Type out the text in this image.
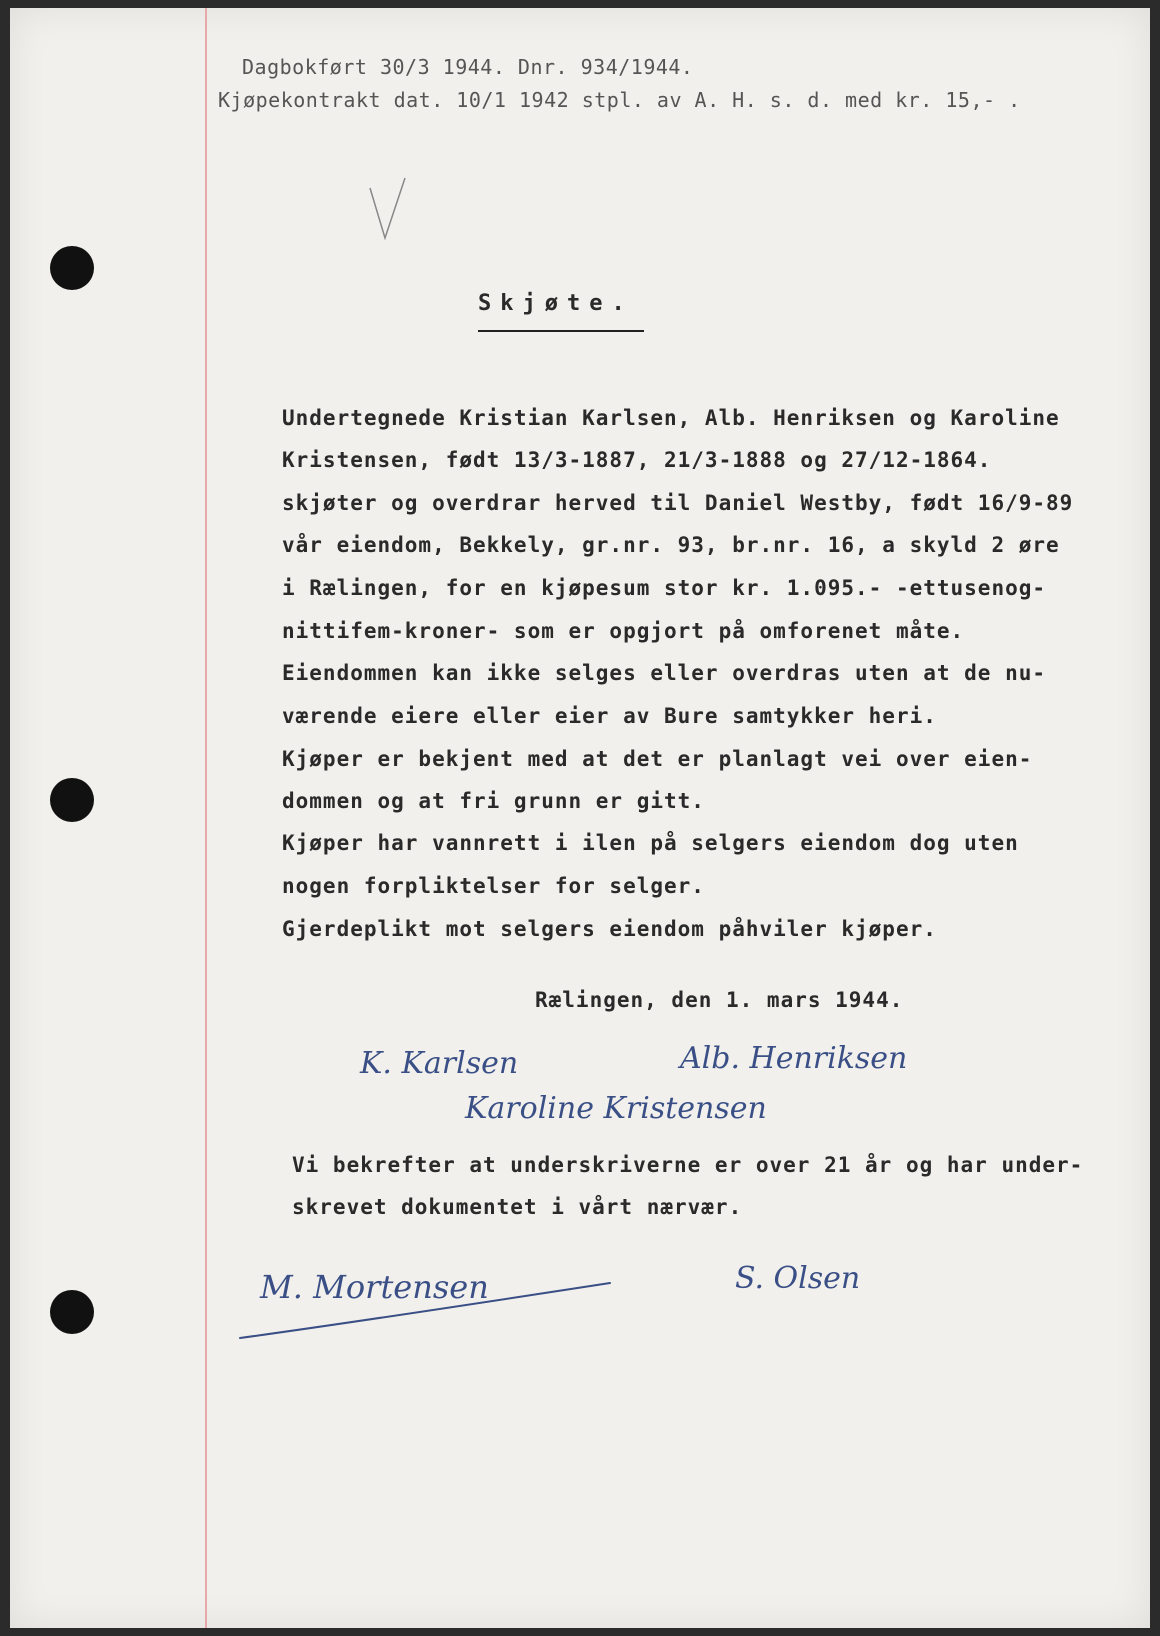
Dagbokført 30/3 1944. Dnr. 934/1944.
Kjøpekontrakt dat. 10/1 1942 stpl. av A. H. s. d. med kr. 15,- .
Skjøte.
Undertegnede Kristian Karlsen, Alb. Henriksen og Karoline
Kristensen, født 13/3-1887, 21/3-1888 og 27/12-1864.
skjøter og overdrar herved til Daniel Westby, født 16/9-89
vår eiendom, Bekkely, gr.nr. 93, br.nr. 16, a skyld 2 øre
i Rælingen, for en kjøpesum stor kr. 1.095.- -ettusenog-
nittifem-kroner- som er opgjort på omforenet måte.
Eiendommen kan ikke selges eller overdras uten at de nu-
værende eiere eller eier av Bure samtykker heri.
Kjøper er bekjent med at det er planlagt vei over eien-
dommen og at fri grunn er gitt.
Kjøper har vannrett i ilen på selgers eiendom dog uten
nogen forpliktelser for selger.
Gjerdeplikt mot selgers eiendom påhviler kjøper.
Rælingen, den 1. mars 1944.
K. Karlsen	Alb. Henriksen
Karoline Kristensen
Vi bekrefter at underskriverne er over 21 år og har under-
skrevet dokumentet i vårt nærvær.
M. Mortensen	S. Olsen
